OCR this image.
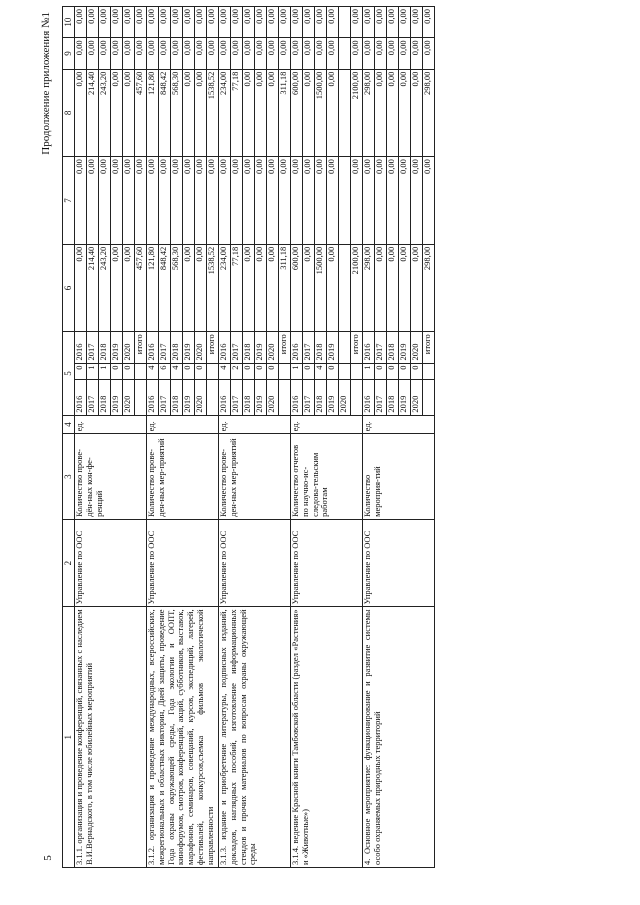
5
Продолжение приложения №1
1	2	3	4	5			6	7	8	9	10
3.1.1. организация и проведение конференций, связанных с наследием В.И.Вернадского, в том числе юбилейных мероприятий	Управление по ООС	Количество прове-дён-ных кон-фе-ренций	ед.	2016	0	2016	0,00	0,00	0,00	0,00	0,00
				2017	1	2017	214,40	0,00	214,40	0,00	0,00
				2018	1	2018	243,20	0,00	243,20	0,00	0,00
				2019	0	2019	0,00	0,00	0,00	0,00	0,00
				2020	0	2020	0,00	0,00	0,00	0,00	0,00
						итого	457,60	0,00	457,60	0,00	0,00
3.1.2. организация и проведение международных, всероссийских, межрегиональных и областных викторин, Дней защиты, проведение Года охраны окружающей среды, Года экологии и ООПТ, кинофорумов, смотров, конференций, акций, субботников, выставок, марафонов, семинаров, совещаний, курсов, экспедиций, лагерей, фестивалей, конкурсов,съемка фильмов экологической направленности	Управление по ООС	Количество прове-ден-ных мер-приятий	ед.	2016	4	2016	121,80	0,00	121,80	0,00	0,00
				2017	6	2017	848,42	0,00	848,42	0,00	0,00
				2018	4	2018	568,30	0,00	568,30	0,00	0,00
				2019	0	2019	0,00	0,00	0,00	0,00	0,00
				2020	0	2020	0,00	0,00	0,00	0,00	0,00
						итого	1538,52	0,00	1538,52	0,00	0,00
3.1.3. издание и приобретение литературы, подписных изданий, докладов, наглядных пособий, изготовление информационных стендов и прочих материалов по вопросам охраны окружающей среды	Управление по ООС	Количество прове-ден-ных мер-приятий	ед.	2016	4	2016	234,00	0,00	234,00	0,00	0,00
				2017	2	2017	77,18	0,00	77,18	0,00	0,00
				2018	0	2018	0,00	0,00	0,00	0,00	0,00
				2019	0	2019	0,00	0,00	0,00	0,00	0,00
				2020	0	2020	0,00	0,00	0,00	0,00	0,00
						итого	311,18	0,00	311,18	0,00	0,00
3.1.4. ведение Красной книги Тамбовской области (раздел «Растения» и «Животные»)	Управление по ООС	Количество отчетов по научно-ис-следова-тельским работам	ед.	2016	1	2016	600,00	0,00	600,00	0,00	0,00
				2017	0	2017	0,00	0,00	0,00	0,00	0,00
				2018	4	2018	1500,00	0,00	1500,00	0,00	0,00
				2019	0	2019	0,00	0,00	0,00	0,00	0,00
				2020							
						итого	2100,00	0,00	2100,00	0,00	0,00
4. Основное мероприятие: функционирование и развитие системы особо охраняемых природных территорий	Управление по ООС	Количество мероприя-тий	ед.	2016	1	2016	298,00	0,00	298,00	0,00	0,00
				2017	0	2017	0,00	0,00	0,00	0,00	0,00
				2018	0	2018	0,00	0,00	0,00	0,00	0,00
				2019	0	2019	0,00	0,00	0,00	0,00	0,00
				2020	0	2020	0,00	0,00	0,00	0,00	0,00
						итого	298,00	0,00	298,00	0,00	0,00
